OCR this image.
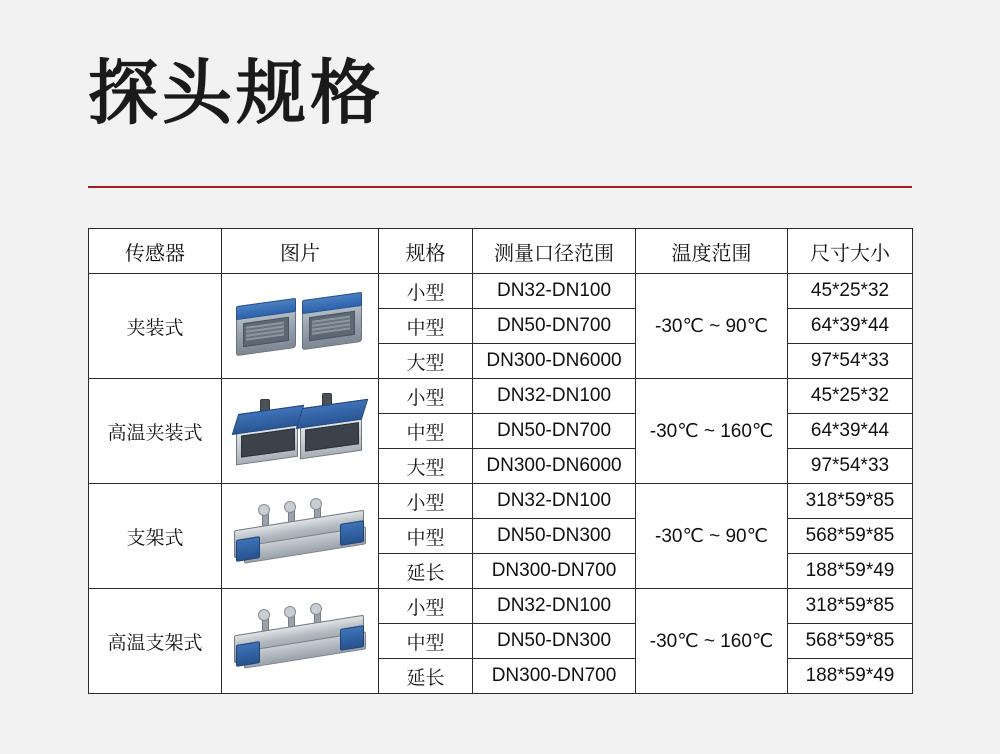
探头规格
传感器	图片	规格	测量口径范围	温度范围	尺寸大小
夹装式		小型	DN32-DN100	-30℃ ~ 90℃	45*25*32
		中型	DN50-DN700		64*39*44
		大型	DN300-DN6000		97*54*33
高温夹装式		小型	DN32-DN100	-30℃ ~ 160℃	45*25*32
		中型	DN50-DN700		64*39*44
		大型	DN300-DN6000		97*54*33
支架式		小型	DN32-DN100	-30℃ ~ 90℃	318*59*85
		中型	DN50-DN300		568*59*85
		延长	DN300-DN700		188*59*49
高温支架式		小型	DN32-DN100	-30℃ ~ 160℃	318*59*85
		中型	DN50-DN300		568*59*85
		延长	DN300-DN700		188*59*49
